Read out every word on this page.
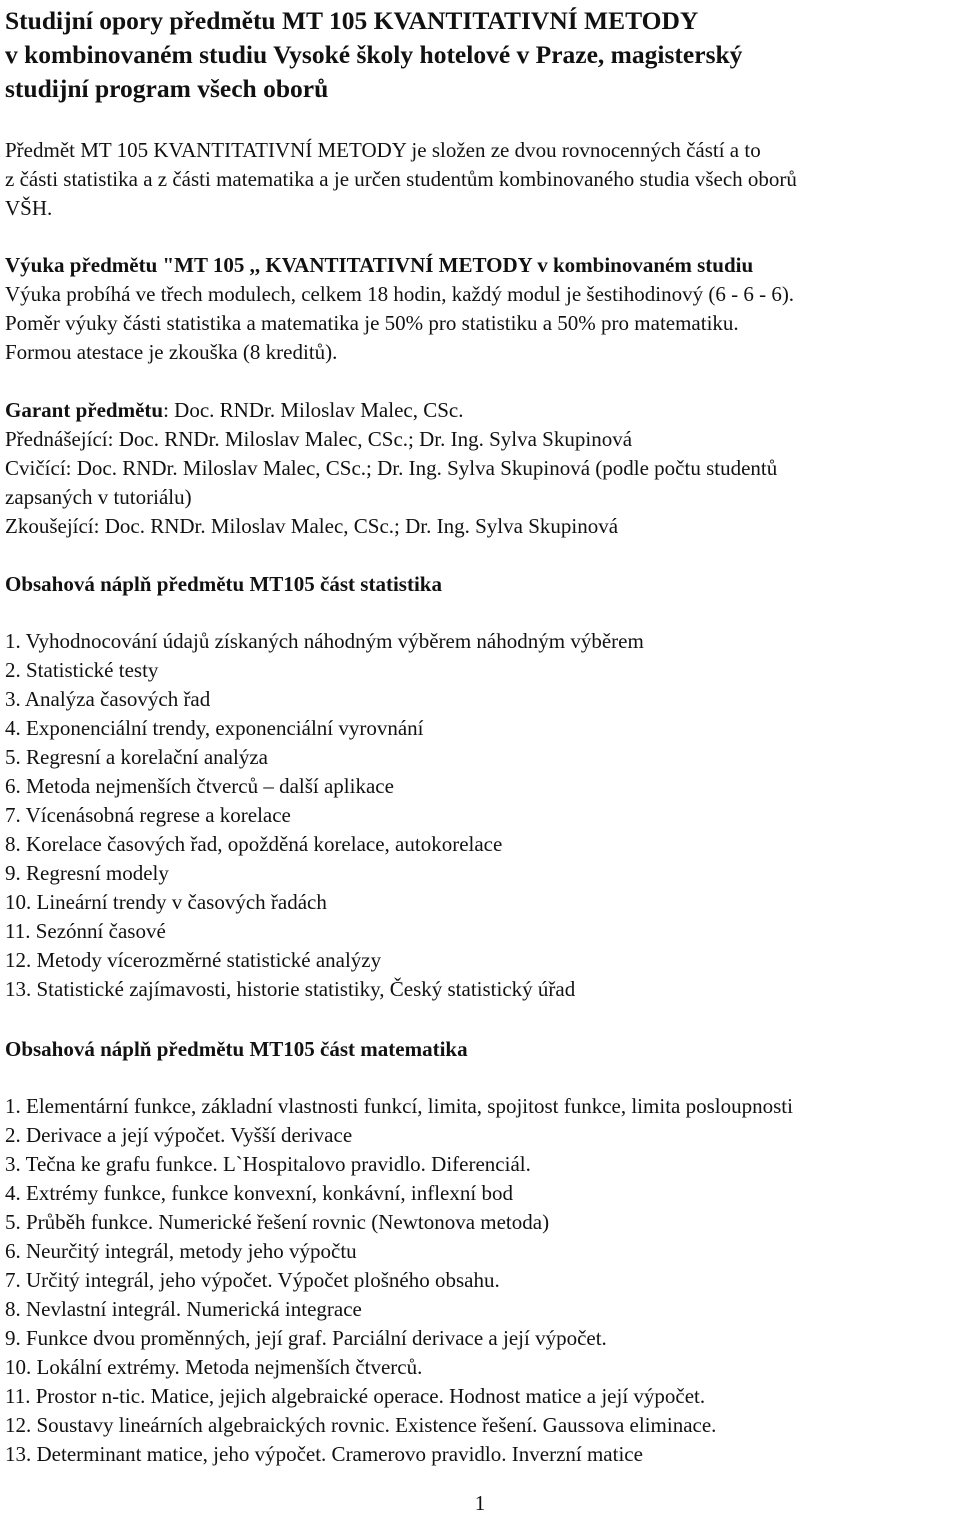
Studijní opory předmětu MT 105 KVANTITATIVNÍ METODY
v kombinovaném studiu Vysoké školy hotelové v Praze, magisterský
studijní program všech oborů

Předmět MT 105 KVANTITATIVNÍ METODY je složen ze dvou rovnocenných částí a to
z části statistika a z části matematika a je určen studentům kombinovaného studia všech oborů
VŠH.

Výuka předmětu "MT 105 ,, KVANTITATIVNÍ METODY v kombinovaném studiu
Výuka probíhá ve třech modulech, celkem 18 hodin, každý modul je šestihodinový (6 - 6 - 6).
Poměr výuky části statistika a matematika je 50% pro statistiku a 50% pro matematiku.
Formou atestace je zkouška (8 kreditů).
Garant předmětu: Doc. RNDr. Miloslav Malec, CSc.
Přednášející: Doc. RNDr. Miloslav Malec, CSc.; Dr. Ing. Sylva Skupinová
Cvičící: Doc. RNDr. Miloslav Malec, CSc.; Dr. Ing. Sylva Skupinová (podle počtu studentů
zapsaných v tutoriálu)
Zkoušející: Doc. RNDr. Miloslav Malec, CSc.; Dr. Ing. Sylva Skupinová
Obsahová náplň předmětu MT105 část statistika
1. Vyhodnocování údajů získaných náhodným výběrem náhodným výběrem
2. Statistické testy
3. Analýza časových řad
4. Exponenciální trendy, exponenciální vyrovnání
5. Regresní a korelační analýza
6. Metoda nejmenších čtverců – další aplikace
7. Vícenásobná regrese a korelace
8. Korelace časových řad, opožděná korelace, autokorelace
9. Regresní modely
10. Lineární trendy v časových řadách
11. Sezónní časové
12. Metody vícerozměrné statistické analýzy
13. Statistické zajímavosti, historie statistiky, Český statistický úřad
Obsahová náplň předmětu MT105 část matematika
1. Elementární funkce, základní vlastnosti funkcí, limita, spojitost funkce, limita posloupnosti
2. Derivace a její výpočet. Vyšší derivace
3. Tečna ke grafu funkce. L`Hospitalovo pravidlo. Diferenciál.
4. Extrémy funkce, funkce konvexní, konkávní, inflexní bod
5. Průběh funkce. Numerické řešení rovnic (Newtonova metoda)
6. Neurčitý integrál, metody jeho výpočtu
7. Určitý integrál, jeho výpočet. Výpočet plošného obsahu.
8. Nevlastní integrál. Numerická integrace
9. Funkce dvou proměnných, její graf. Parciální derivace a její výpočet.
10. Lokální extrémy. Metoda nejmenších čtverců.
11. Prostor n-tic. Matice, jejich algebraické operace. Hodnost matice a její výpočet.
12. Soustavy lineárních algebraických rovnic. Existence řešení. Gaussova eliminace.
13. Determinant matice, jeho výpočet. Cramerovo pravidlo. Inverzní matice
1
